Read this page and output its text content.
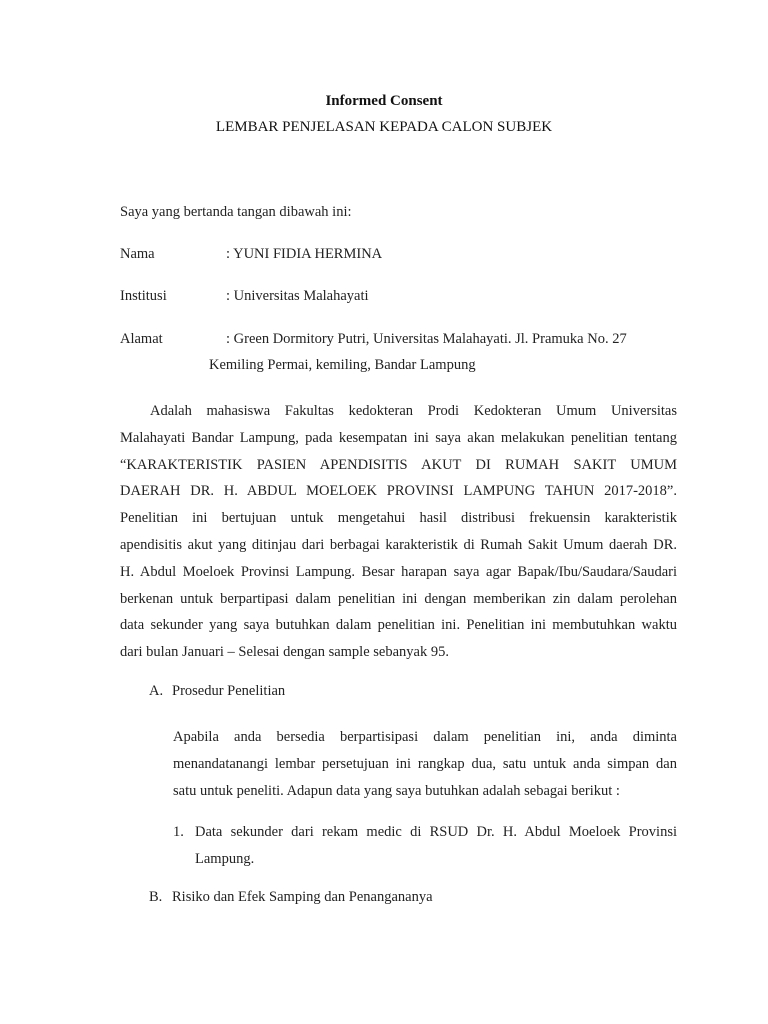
Informed Consent
LEMBAR PENJELASAN KEPADA CALON SUBJEK
Saya yang bertanda tangan dibawah ini:
Nama	: YUNI FIDIA HERMINA
Institusi	: Universitas Malahayati
Alamat	: Green Dormitory Putri, Universitas Malahayati. Jl. Pramuka No. 27
Kemiling Permai, kemiling, Bandar Lampung
Adalah mahasiswa Fakultas kedokteran Prodi Kedokteran Umum Universitas
Malahayati Bandar Lampung, pada kesempatan ini saya akan melakukan penelitian tentang
“KARAKTERISTIK PASIEN APENDISITIS AKUT DI RUMAH SAKIT UMUM
DAERAH DR. H. ABDUL MOELOEK PROVINSI LAMPUNG TAHUN 2017-2018”.
Penelitian ini bertujuan untuk mengetahui hasil distribusi frekuensin karakteristik
apendisitis akut yang ditinjau dari berbagai karakteristik di Rumah Sakit Umum daerah DR.
H. Abdul Moeloek Provinsi Lampung. Besar harapan saya agar Bapak/Ibu/Saudara/Saudari
berkenan untuk berpartipasi dalam penelitian ini dengan memberikan zin dalam perolehan
data sekunder yang saya butuhkan dalam penelitian ini. Penelitian ini membutuhkan waktu
dari bulan Januari – Selesai dengan sample sebanyak 95.
A. Prosedur Penelitian
Apabila anda bersedia berpartisipasi dalam penelitian ini, anda diminta
menandatanangi lembar persetujuan ini rangkap dua, satu untuk anda simpan dan
satu untuk peneliti. Adapun data yang saya butuhkan adalah sebagai berikut :
1. Data sekunder dari rekam medic di RSUD Dr. H. Abdul Moeloek Provinsi
Lampung.
B. Risiko dan Efek Samping dan Penangananya
